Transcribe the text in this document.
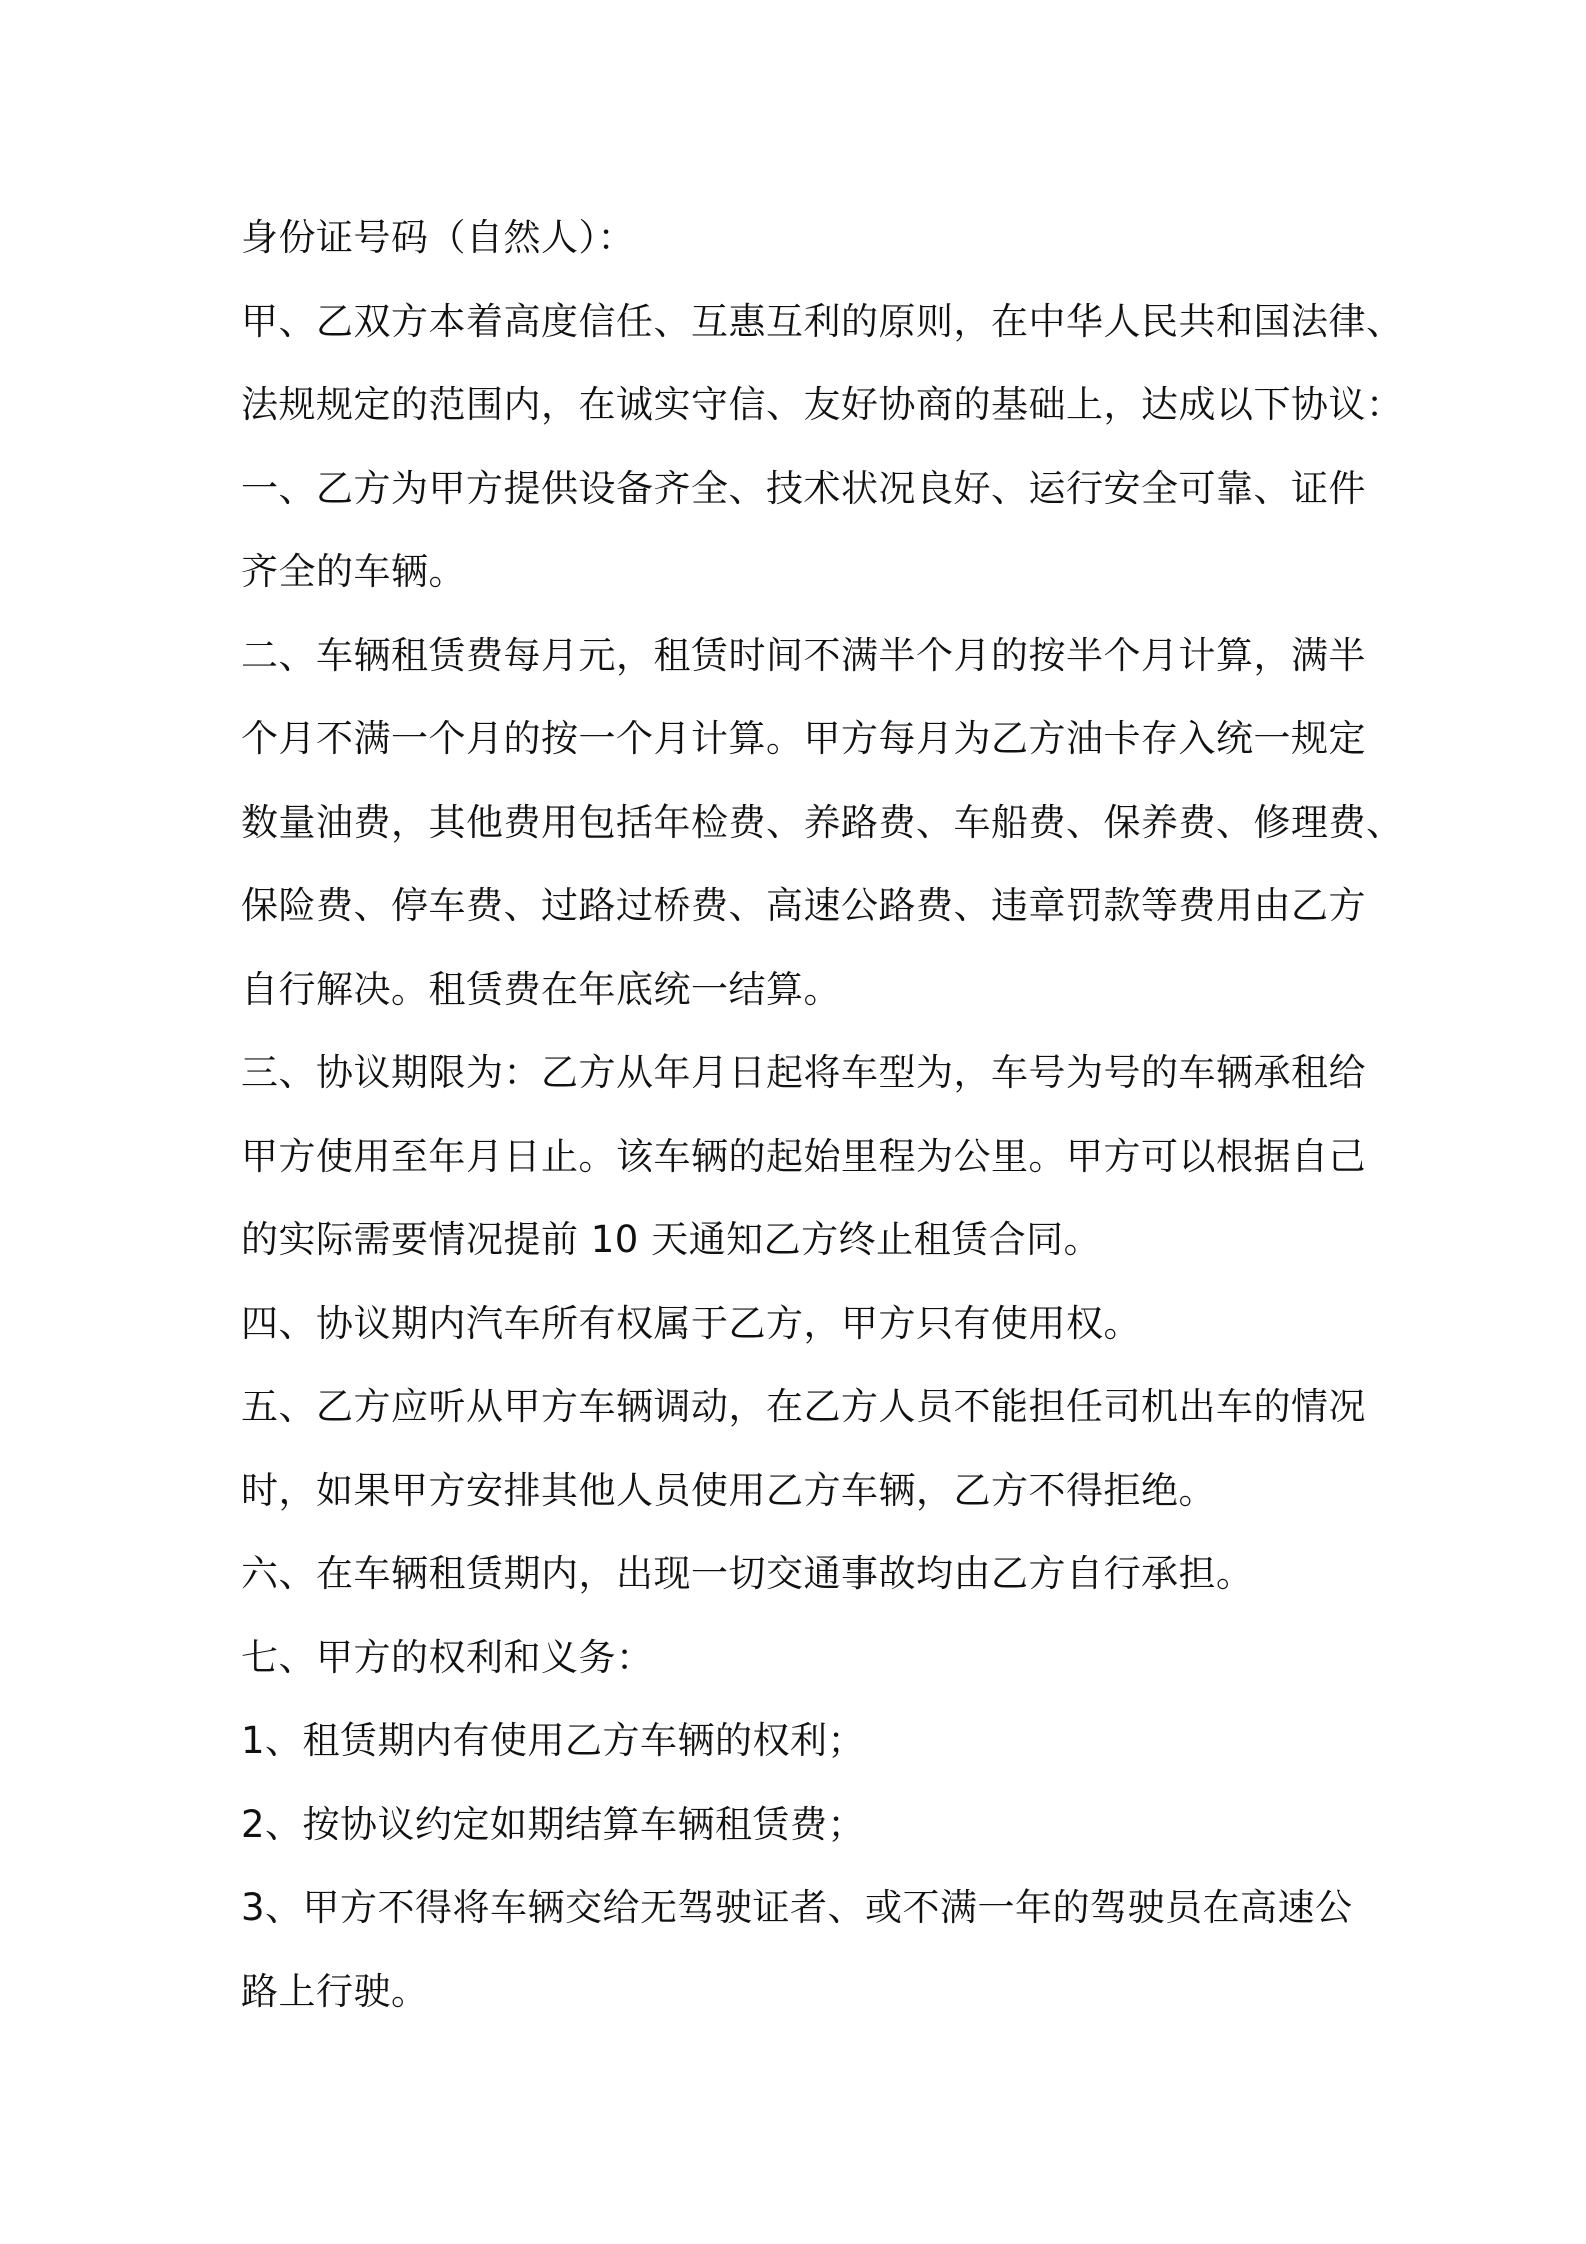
身份证号码（自然人）：
甲、乙双方本着高度信任、互惠互利的原则，在中华人民共和国法律、
法规规定的范围内，在诚实守信、友好协商的基础上，达成以下协议：
一、乙方为甲方提供设备齐全、技术状况良好、运行安全可靠、证件
齐全的车辆。
二、车辆租赁费每月元，租赁时间不满半个月的按半个月计算，满半
个月不满一个月的按一个月计算。甲方每月为乙方油卡存入统一规定
数量油费，其他费用包括年检费、养路费、车船费、保养费、修理费、
保险费、停车费、过路过桥费、高速公路费、违章罚款等费用由乙方
自行解决。租赁费在年底统一结算。
三、协议期限为：乙方从年月日起将车型为，车号为号的车辆承租给
甲方使用至年月日止。该车辆的起始里程为公里。甲方可以根据自己
的实际需要情况提前 10 天通知乙方终止租赁合同。
四、协议期内汽车所有权属于乙方，甲方只有使用权。
五、乙方应听从甲方车辆调动，在乙方人员不能担任司机出车的情况
时，如果甲方安排其他人员使用乙方车辆，乙方不得拒绝。
六、在车辆租赁期内，出现一切交通事故均由乙方自行承担。
七、甲方的权利和义务：
1、租赁期内有使用乙方车辆的权利；
2、按协议约定如期结算车辆租赁费；
3、甲方不得将车辆交给无驾驶证者、或不满一年的驾驶员在高速公
路上行驶。
